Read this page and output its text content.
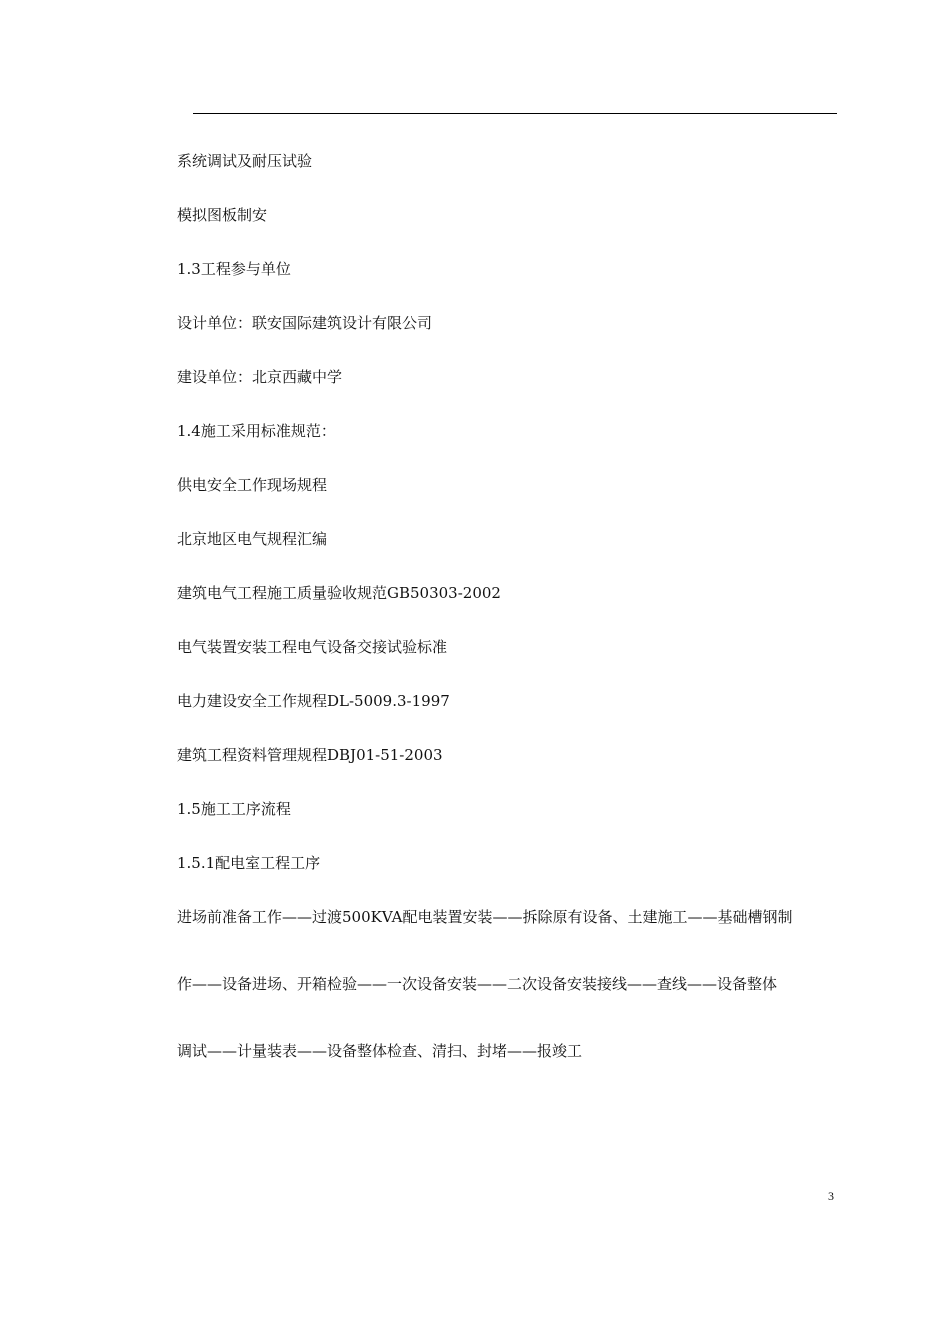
系统调试及耐压试验
模拟图板制安
1.3工程参与单位
设计单位：联安国际建筑设计有限公司
建设单位：北京西藏中学
1.4施工采用标准规范：
供电安全工作现场规程
北京地区电气规程汇编
建筑电气工程施工质量验收规范GB50303-2002
电气装置安装工程电气设备交接试验标准
电力建设安全工作规程DL-5009.3-1997
建筑工程资料管理规程DBJ01-51-2003
1.5施工工序流程
1.5.1配电室工程工序
进场前准备工作——过渡500KVA配电装置安装——拆除原有设备、土建施工——基础槽钢制
作——设备进场、开箱检验——一次设备安装——二次设备安装接线——查线——设备整体
调试——计量装表——设备整体检查、清扫、封堵——报竣工
3
